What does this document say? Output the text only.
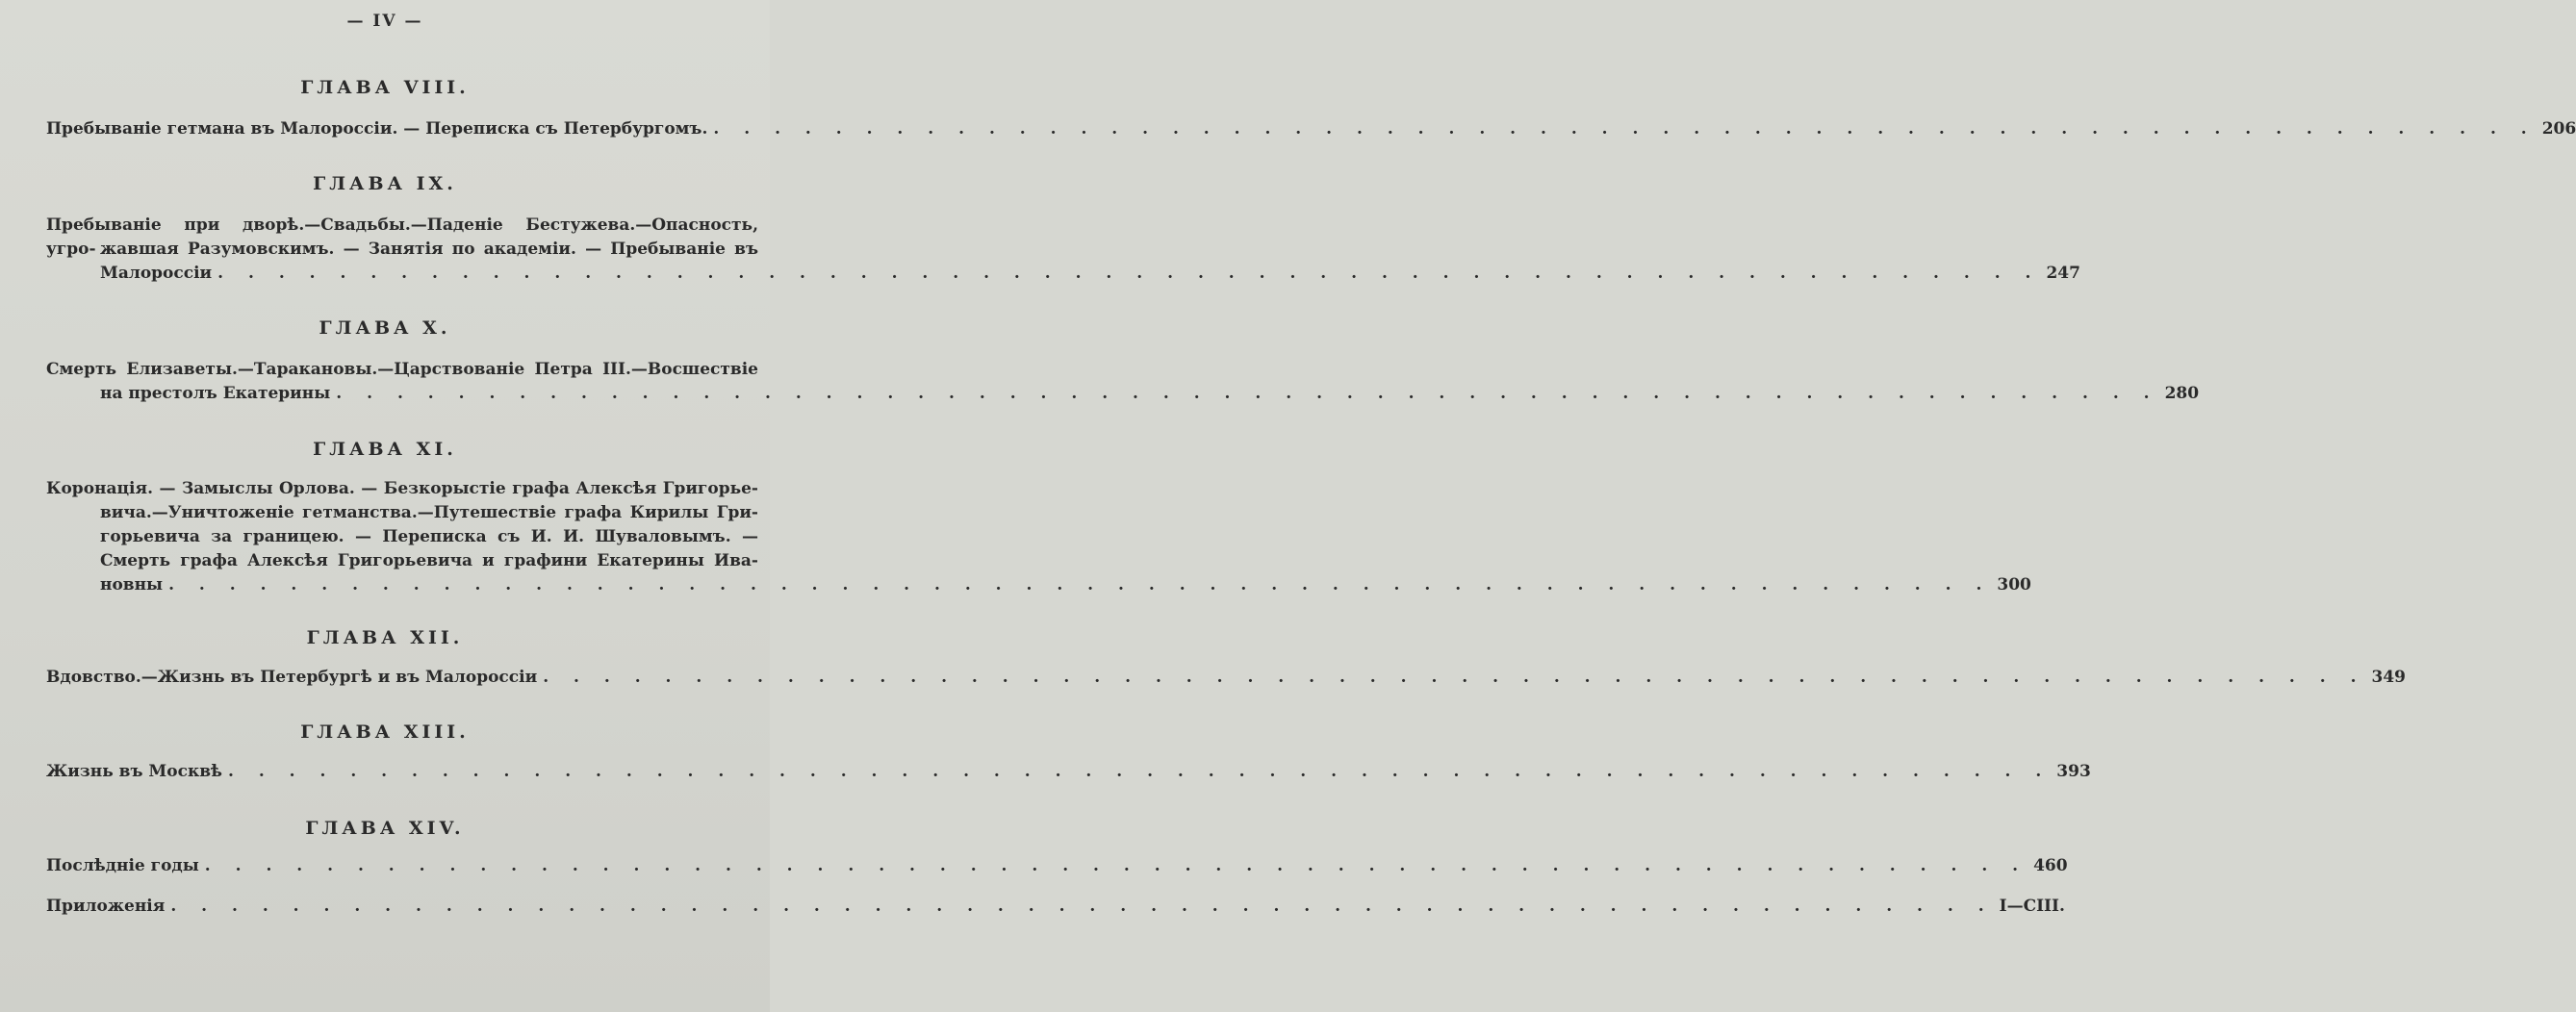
— IV —
ГЛАВА VIII.
Пребываніе гетмана въ Малороссіи. — Переписка съ Петербургомъ. . . . . . . . . . . . . . . . . . . . . . . . . . . . . . . . . . . . . . . . . . . . . . . . . . . . . . . . . . . . . 206
ГЛАВА IX.
Пребываніе при дворѣ.—Свадьбы.—Паденіе Бестужева.—Опасность, угро- жавшая Разумовскимъ. — Занятія по академіи. — Пребываніе въ
Малороссіи . . . . . . . . . . . . . . . . . . . . . . . . . . . . . . . . . . . . . . . . . . . . . . . . . . . . . . . . . . . . 247
ГЛАВА X.
Смерть Елизаветы.—Таракановы.—Царствованіе Петра III.—Восшествіе
на престолъ Екатерины . . . . . . . . . . . . . . . . . . . . . . . . . . . . . . . . . . . . . . . . . . . . . . . . . . . . . . . . . . . . 280
ГЛАВА XI.
Коронація. — Замыслы Орлова. — Безкорыстіе графа Алексѣя Григорье-
вича.—Уничтоженіе гетманства.—Путешествіе графа Кирилы Гри-
горьевича за границею. — Переписка съ И. И. Шуваловымъ. —
Смерть графа Алексѣя Григорьевича и графини Екатерины Ива-
новны . . . . . . . . . . . . . . . . . . . . . . . . . . . . . . . . . . . . . . . . . . . . . . . . . . . . . . . . . . . . 300
ГЛАВА XII.
Вдовство.—Жизнь въ Петербургѣ и въ Малороссіи . . . . . . . . . . . . . . . . . . . . . . . . . . . . . . . . . . . . . . . . . . . . . . . . . . . . . . . . . . . . 349
ГЛАВА XIII.
Жизнь въ Москвѣ . . . . . . . . . . . . . . . . . . . . . . . . . . . . . . . . . . . . . . . . . . . . . . . . . . . . . . . . . . . . 393
ГЛАВА XIV.
Послѣдніе годы . . . . . . . . . . . . . . . . . . . . . . . . . . . . . . . . . . . . . . . . . . . . . . . . . . . . . . . . . . . . 460
Приложенія . . . . . . . . . . . . . . . . . . . . . . . . . . . . . . . . . . . . . . . . . . . . . . . . . . . . . . . . . . . . I—CIII.
